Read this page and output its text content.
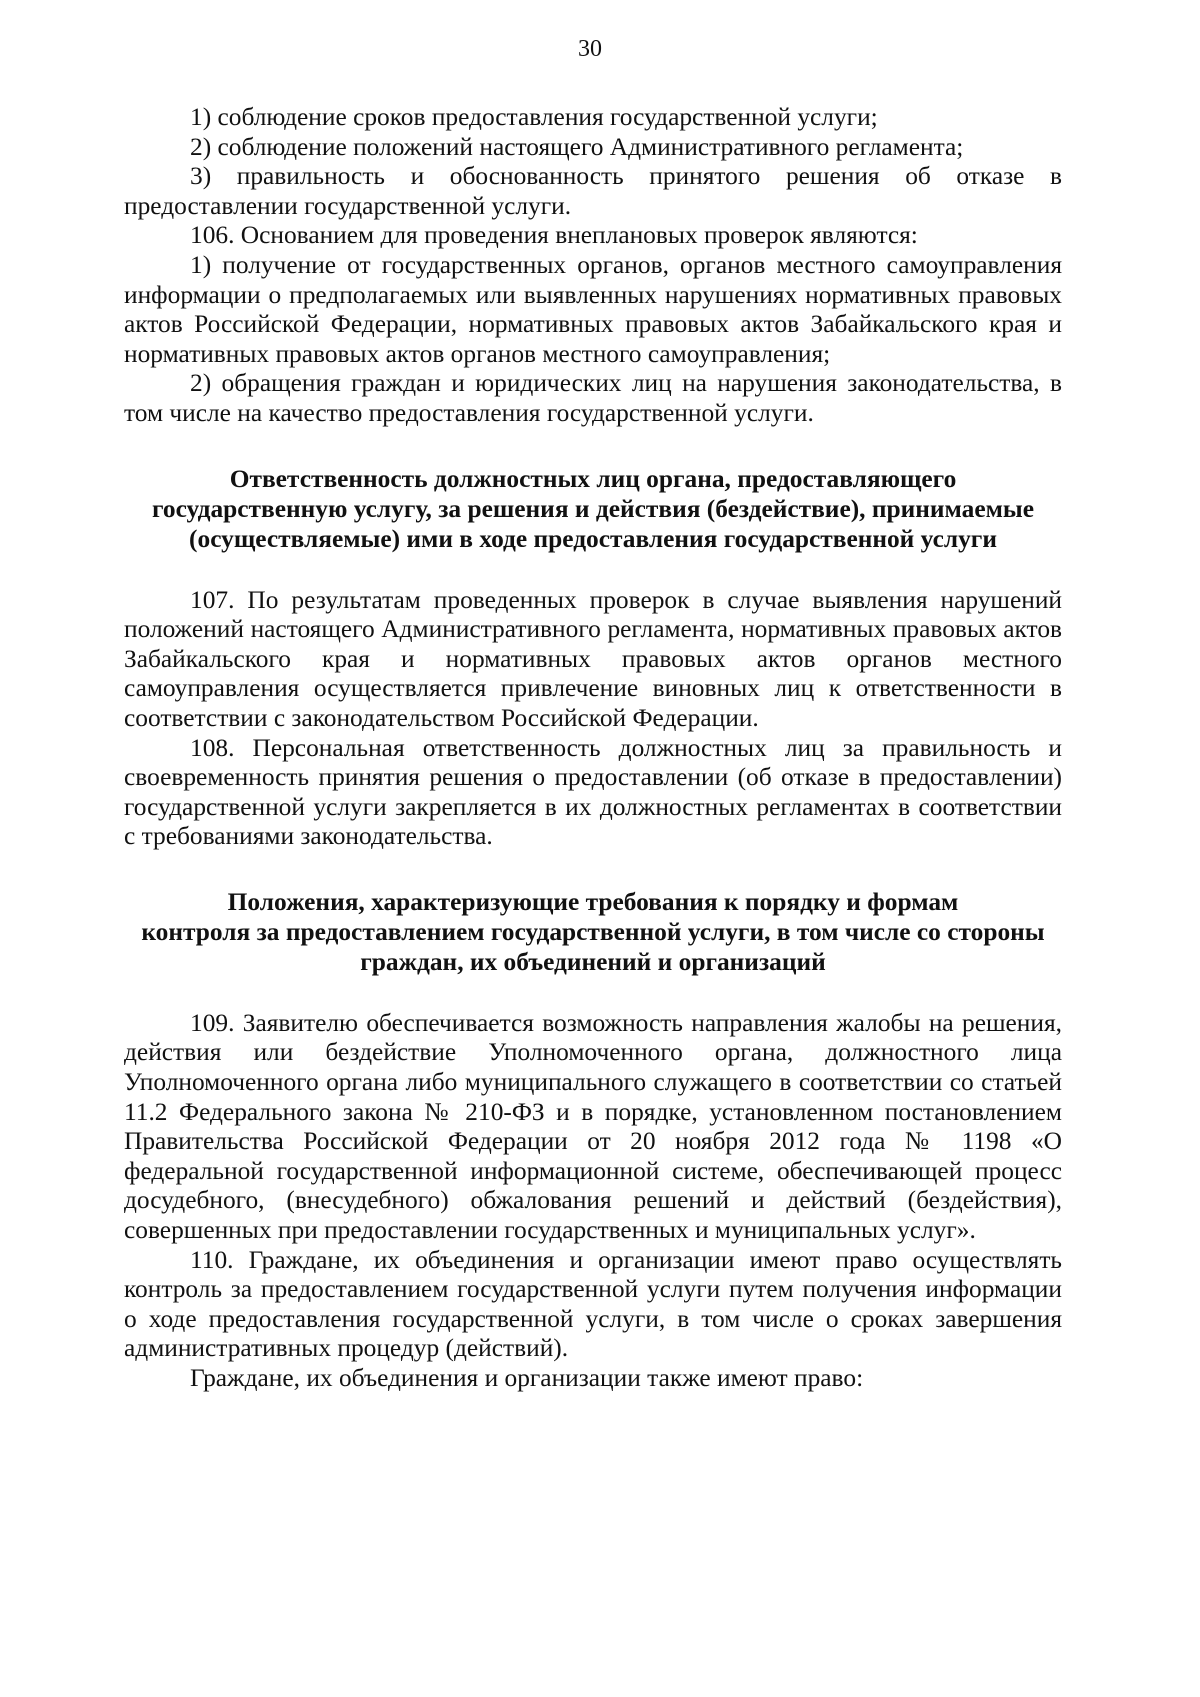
30

1) соблюдение сроков предоставления государственной услуги;

2) соблюдение положений настоящего Административного регламента;

3) правильность и обоснованность принятого решения об отказе в предоставлении государственной услуги.

106. Основанием для проведения внеплановых проверок являются:

1) получение от государственных органов, органов местного самоуправления информации о предполагаемых или выявленных нарушениях нормативных правовых актов Российской Федерации, нормативных правовых актов Забайкальского края и нормативных правовых актов органов местного самоуправления;

2) обращения граждан и юридических лиц на нарушения законодательства, в том числе на качество предоставления государственной услуги.

Ответственность должностных лиц органа, предоставляющего

государственную услугу, за решения и действия (бездействие), принимаемые

(осуществляемые) ими в ходе предоставления государственной услуги

107. По результатам проведенных проверок в случае выявления нарушений положений настоящего Административного регламента, нормативных правовых актов Забайкальского края и нормативных правовых актов органов местного самоуправления осуществляется привлечение виновных лиц к ответственности в соответствии с законодательством Российской Федерации.

108. Персональная ответственность должностных лиц за правильность и своевременность принятия решения о предоставлении (об отказе в предоставлении) государственной услуги закрепляется в их должностных регламентах в соответствии с требованиями законодательства.

Положения, характеризующие требования к порядку и формам

контроля за предоставлением государственной услуги, в том числе со стороны

граждан, их объединений и организаций

109. Заявителю обеспечивается возможность направления жалобы на решения, действия или бездействие Уполномоченного органа, должностного лица Уполномоченного органа либо муниципального служащего в соответствии со статьей 11.2 Федерального закона № 210-ФЗ и в порядке, установленном постановлением Правительства Российской Федерации от 20 ноября 2012 года № 1198 «О федеральной государственной информационной системе, обеспечивающей процесс досудебного, (внесудебного) обжалования решений и действий (бездействия), совершенных при предоставлении государственных и муниципальных услуг».

110. Граждане, их объединения и организации имеют право осуществлять контроль за предоставлением государственной услуги путем получения информации о ходе предоставления государственной услуги, в том числе о сроках завершения административных процедур (действий).

Граждане, их объединения и организации также имеют право:
